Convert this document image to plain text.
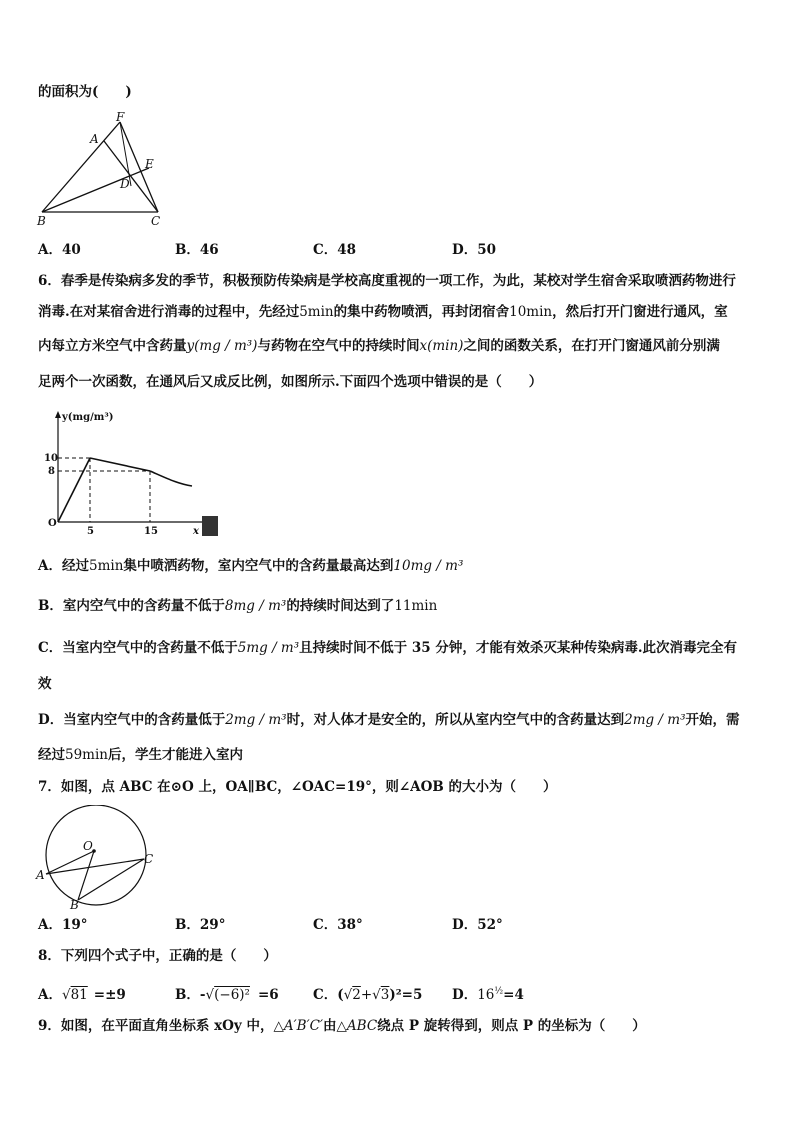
的面积为(　　)
F
A
E
D
B	C
A．40	B．46	C．48	D．50
6．春季是传染病多发的季节，积极预防传染病是学校高度重视的一项工作，为此，某校对学生宿舍采取喷洒药物进行
消毒.在对某宿舍进行消毒的过程中，先经过5min的集中药物喷洒，再封闭宿舍10min，然后打开门窗进行通风，室
内每立方米空气中含药量y(mg / m³)与药物在空气中的持续时间x(min)之间的函数关系，在打开门窗通风前分别满
足两个一次函数，在通风后又成反比例，如图所示.下面四个选项中错误的是（　　）
y(mg/m³)
10
8
O
5	15	x
A．经过5min集中喷洒药物，室内空气中的含药量最高达到10mg / m³
B．室内空气中的含药量不低于8mg / m³的持续时间达到了11min
C．当室内空气中的含药量不低于5mg / m³且持续时间不低于 35 分钟，才能有效杀灭某种传染病毒.此次消毒完全有
效
D．当室内空气中的含药量低于2mg / m³时，对人体才是安全的，所以从室内空气中的含药量达到2mg / m³开始，需
经过59min后，学生才能进入室内
7．如图，点 ABC 在⊙O 上，OA∥BC，∠OAC=19°，则∠AOB 的大小为（　　）
O
A
B
C
A．19°	B．29°	C．38°	D．52°
8．下列四个式子中，正确的是（　　）
A．√81 =±9	B．-√(−6)² =6	C．(√2+√3)²=5 D．$16^{\frac{1}{2}}=4$
9．如图，在平面直角坐标系 xOy 中，△A′B′C′由△ABC绕点 P 旋转得到，则点 P 的坐标为（　　）
